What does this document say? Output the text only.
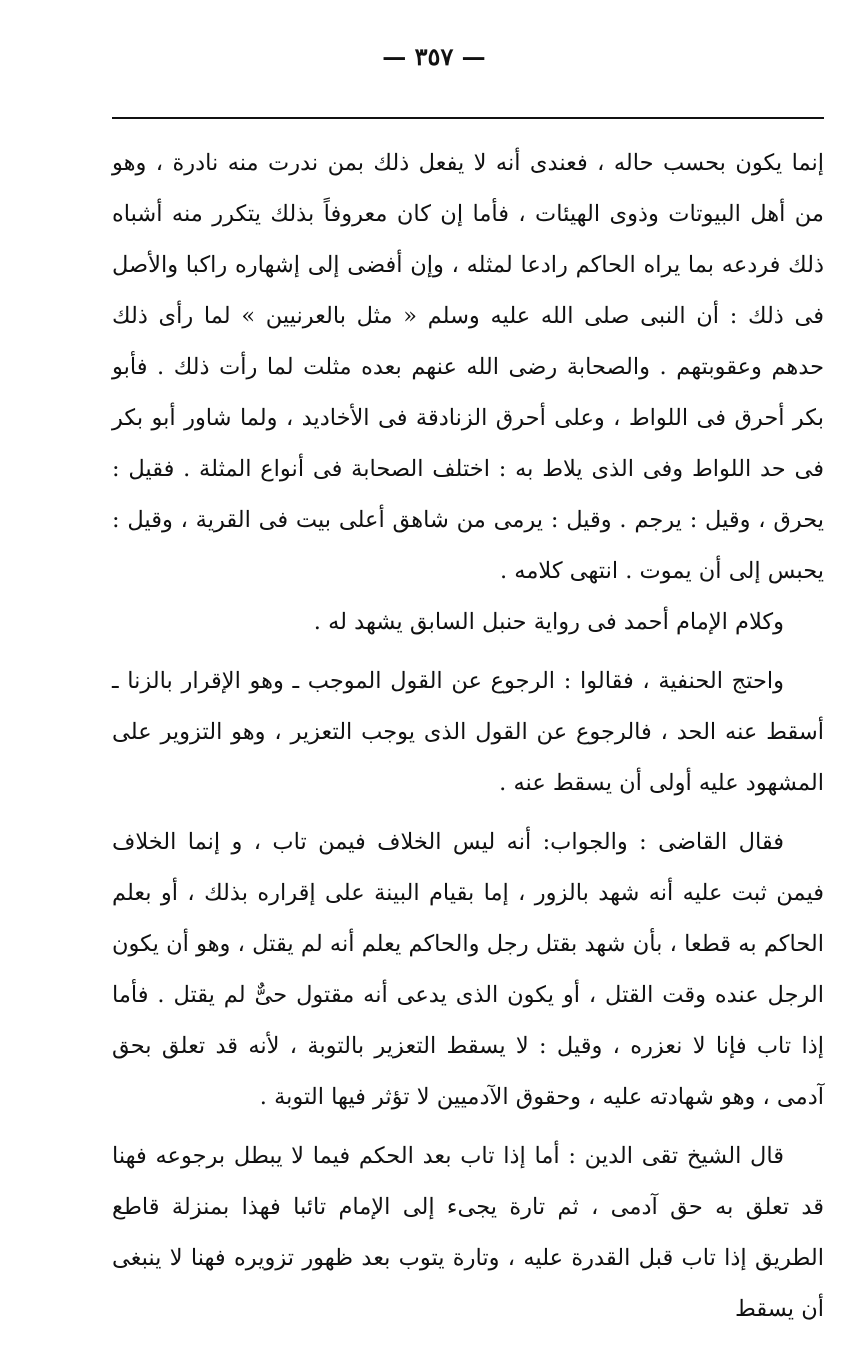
— ٣٥٧ —

إنما يكون بحسب حاله ، فعندى أنه لا يفعل ذلك بمن ندرت منه نادرة ، وهو من أهل البيوتات وذوى الهيئات ، فأما إن كان معروفاً بذلك يتكرر منه أشباه ذلك فردعه بما يراه الحاكم رادعا لمثله ، وإن أفضى إلى إشهاره راكبا والأصل فى ذلك : أن النبى صلى الله عليه وسلم « مثل بالعرنيين » لما رأى ذلك حدهم وعقوبتهم . والصحابة رضى الله عنهم بعده مثلت لما رأت ذلك . فأبو بكر أحرق فى اللواط ، وعلى أحرق الزنادقة فى الأخاديد ، ولما شاور أبو بكر فى حد اللواط وفى الذى يلاط به : اختلف الصحابة فى أنواع المثلة . فقيل : يحرق ، وقيل : يرجم . وقيل : يرمى من شاهق أعلى بيت فى القرية ، وقيل : يحبس إلى أن يموت . انتهى كلامه .

وكلام الإمام أحمد فى رواية حنبل السابق يشهد له .

واحتج الحنفية ، فقالوا : الرجوع عن القول الموجب ـ وهو الإقرار بالزنا ـ أسقط عنه الحد ، فالرجوع عن القول الذى يوجب التعزير ، وهو التزوير على المشهود عليه أولى أن يسقط عنه .

فقال القاضى : والجواب: أنه ليس الخلاف فيمن تاب ، و إنما الخلاف فيمن ثبت عليه أنه شهد بالزور ، إما بقيام البينة على إقراره بذلك ، أو بعلم الحاكم به قطعا ، بأن شهد بقتل رجل والحاكم يعلم أنه لم يقتل ، وهو أن يكون الرجل عنده وقت القتل ، أو يكون الذى يدعى أنه مقتول حىٌّ لم يقتل . فأما إذا تاب فإنا لا نعزره ، وقيل : لا يسقط التعزير بالتوبة ، لأنه قد تعلق بحق آدمى ، وهو شهادته عليه ، وحقوق الآدميين لا تؤثر فيها التوبة .

قال الشيخ تقى الدين : أما إذا تاب بعد الحكم فيما لا يبطل برجوعه فهنا قد تعلق به حق آدمى ، ثم تارة يجىء إلى الإمام تائبا فهذا بمنزلة قاطع الطريق إذا تاب قبل القدرة عليه ، وتارة يتوب بعد ظهور تزويره فهنا لا ينبغى أن يسقط
